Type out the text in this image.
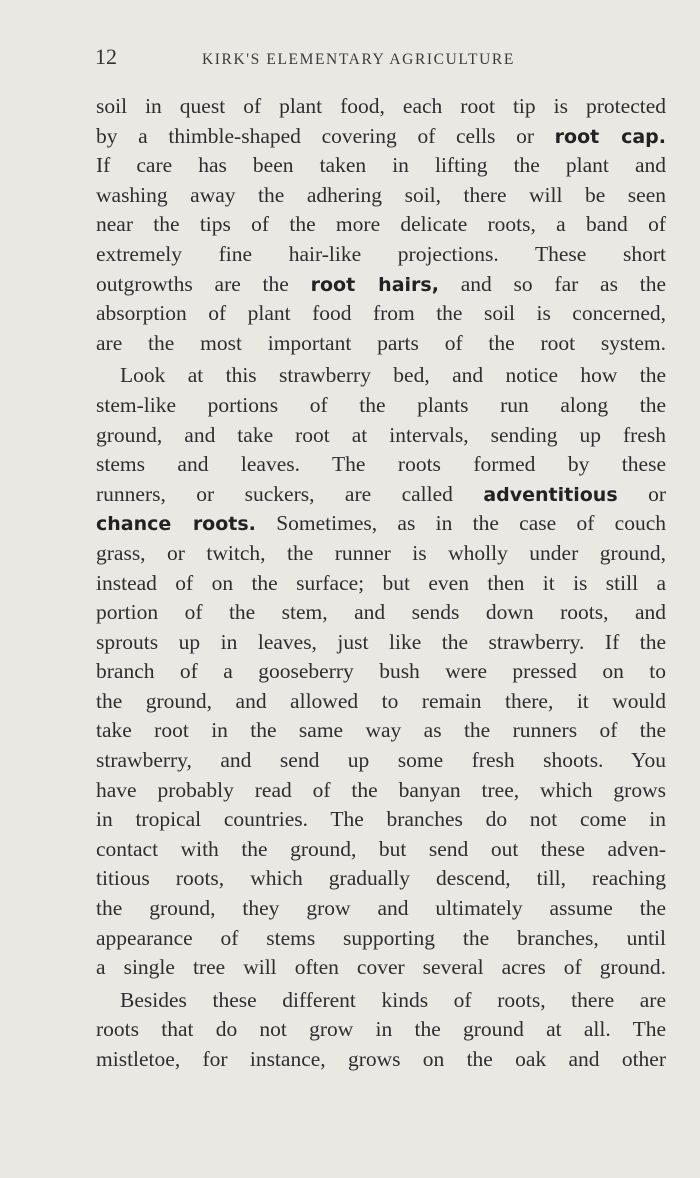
12	KIRK'S ELEMENTARY AGRICULTURE
soil in quest of plant food, each root tip is protected
by a thimble-shaped covering of cells or root cap.
If care has been taken in lifting the plant and
washing away the adhering soil, there will be seen
near the tips of the more delicate roots, a band of
extremely fine hair-like projections. These short
outgrowths are the root hairs, and so far as the
absorption of plant food from the soil is concerned,
are the most important parts of the root system.
Look at this strawberry bed, and notice how the
stem-like portions of the plants run along the
ground, and take root at intervals, sending up fresh
stems and leaves. The roots formed by these
runners, or suckers, are called adventitious or
chance roots. Sometimes, as in the case of couch
grass, or twitch, the runner is wholly under ground,
instead of on the surface; but even then it is still a
portion of the stem, and sends down roots, and
sprouts up in leaves, just like the strawberry. If the
branch of a gooseberry bush were pressed on to
the ground, and allowed to remain there, it would
take root in the same way as the runners of the
strawberry, and send up some fresh shoots. You
have probably read of the banyan tree, which grows
in tropical countries. The branches do not come in
contact with the ground, but send out these adven-
titious roots, which gradually descend, till, reaching
the ground, they grow and ultimately assume the
appearance of stems supporting the branches, until
a single tree will often cover several acres of ground.
Besides these different kinds of roots, there are
roots that do not grow in the ground at all. The
mistletoe, for instance, grows on the oak and other
